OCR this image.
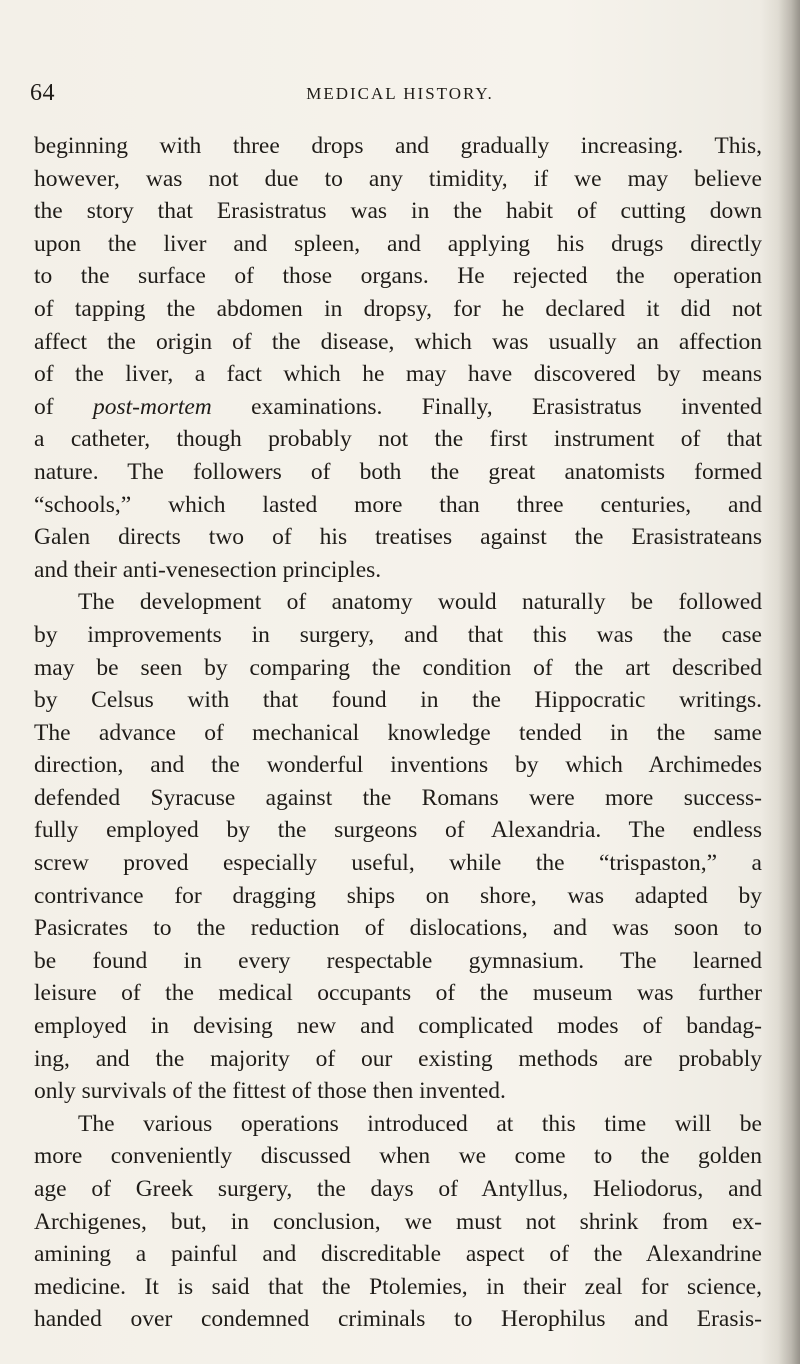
64	MEDICAL HISTORY.
beginning with three drops and gradually increasing. This,
however, was not due to any timidity, if we may believe
the story that Erasistratus was in the habit of cutting down
upon the liver and spleen, and applying his drugs directly
to the surface of those organs. He rejected the operation
of tapping the abdomen in dropsy, for he declared it did not
affect the origin of the disease, which was usually an affection
of the liver, a fact which he may have discovered by means
of post-mortem examinations. Finally, Erasistratus invented
a catheter, though probably not the first instrument of that
nature. The followers of both the great anatomists formed
“schools,” which lasted more than three centuries, and
Galen directs two of his treatises against the Erasistrateans
and their anti-venesection principles.
The development of anatomy would naturally be followed
by improvements in surgery, and that this was the case
may be seen by comparing the condition of the art described
by Celsus with that found in the Hippocratic writings.
The advance of mechanical knowledge tended in the same
direction, and the wonderful inventions by which Archimedes
defended Syracuse against the Romans were more success-
fully employed by the surgeons of Alexandria. The endless
screw proved especially useful, while the “trispaston,” a
contrivance for dragging ships on shore, was adapted by
Pasicrates to the reduction of dislocations, and was soon to
be found in every respectable gymnasium. The learned
leisure of the medical occupants of the museum was further
employed in devising new and complicated modes of bandag-
ing, and the majority of our existing methods are probably
only survivals of the fittest of those then invented.
The various operations introduced at this time will be
more conveniently discussed when we come to the golden
age of Greek surgery, the days of Antyllus, Heliodorus, and
Archigenes, but, in conclusion, we must not shrink from ex-
amining a painful and discreditable aspect of the Alexandrine
medicine. It is said that the Ptolemies, in their zeal for science,
handed over condemned criminals to Herophilus and Erasis-
